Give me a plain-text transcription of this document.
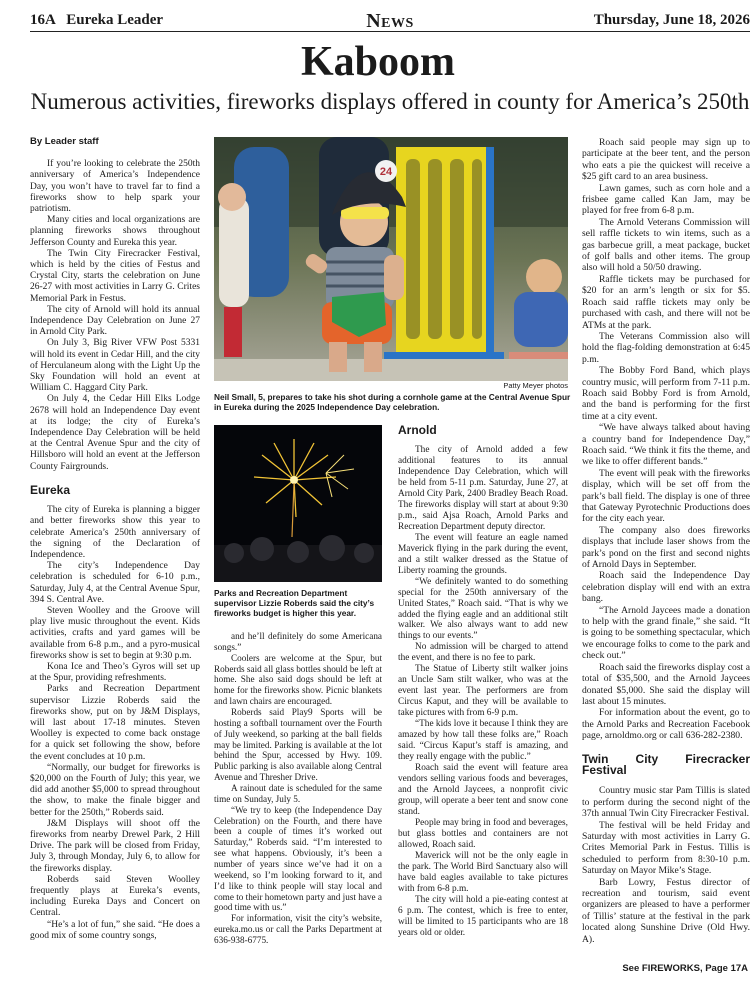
16A   Eureka Leader	News	Thursday, June 18, 2026
Kaboom
Numerous activities, fireworks displays offered in county for America’s 250th
By Leader staff

If you’re looking to celebrate the 250th anniversary of America’s Independence Day, you won’t have to travel far to find a fireworks show to help spark your patriotism.

Many cities and local organizations are planning fireworks shows throughout Jefferson County and Eureka this year.

The Twin City Firecracker Festival, which is held by the cities of Festus and Crystal City, starts the celebration on June 26-27 with most activities in Larry G. Crites Memorial Park in Festus.

The city of Arnold will hold its annual Independence Day Celebration on June 27 in Arnold City Park.

On July 3, Big River VFW Post 5331 will hold its event in Cedar Hill, and the city of Herculaneum along with the Light Up the Sky Foundation will hold an event at William C. Haggard City Park.

On July 4, the Cedar Hill Elks Lodge 2678 will hold an Independence Day event at its lodge; the city of Eureka’s Independence Day Celebration will be held at the Central Avenue Spur and the city of Hillsboro will hold an event at the Jefferson County Fairgrounds.

Eureka

The city of Eureka is planning a bigger and better fireworks show this year to celebrate America’s 250th anniversary of the signing of the Declaration of Independence.

The city’s Independence Day celebration is scheduled for 6-10 p.m., Saturday, July 4, at the Central Avenue Spur, 394 S. Central Ave.

Steven Woolley and the Groove will play live music throughout the event. Kids activities, crafts and yard games will be available from 6-8 p.m., and a pyro-musical fireworks show is set to begin at 9:30 p.m.

Kona Ice and Theo’s Gyros will set up at the Spur, providing refreshments.

Parks and Recreation Department supervisor Lizzie Roberds said the fireworks show, put on by J&M Displays, will last about 17-18 minutes. Steven Woolley is expected to come back onstage for a quick set following the show, before the event concludes at 10 p.m.

“Normally, our budget for fireworks is $20,000 on the Fourth of July; this year, we did add another $5,000 to spread throughout the show, to make the finale bigger and better for the 250th,” Roberds said.

J&M Displays will shoot off the fireworks from nearby Drewel Park, 2 Hill Drive. The park will be closed from Friday, July 3, through Monday, July 6, to allow for the fireworks display.

Roberds said Steven Woolley frequently plays at Eureka’s events, including Eureka Days and Concert on Central.

“He’s a lot of fun,” she said. “He does a good mix of some country songs,

24
Patty Meyer photos
Neil Small, 5, prepares to take his shot during a cornhole game at the Central Avenue Spur in Eureka during the 2025 Independence Day celebration.
Parks and Recreation Department supervisor Lizzie Roberds said the city’s fireworks budget is higher this year.

and he’ll definitely do some Americana songs.”

Coolers are welcome at the Spur, but Roberds said all glass bottles should be left at home. She also said dogs should be left at home for the fireworks show. Picnic blankets and lawn chairs are encouraged.

Roberds said Play9 Sports will be hosting a softball tournament over the Fourth of July weekend, so parking at the ball fields may be limited. Parking is available at the lot behind the Spur, accessed by Hwy. 109. Public parking is also available along Central Avenue and Thresher Drive.

A rainout date is scheduled for the same time on Sunday, July 5.

“We try to keep (the Independence Day Celebration) on the Fourth, and there have been a couple of times it’s worked out Saturday,” Roberds said. “I’m interested to see what happens. Obviously, it’s been a number of years since we’ve had it on a weekend, so I’m looking forward to it, and I’d like to think people will stay local and come to their hometown party and just have a good time with us.”

For information, visit the city’s website, eureka.mo.us or call the Parks Department at 636-938-6775.

Arnold

The city of Arnold added a few additional features to its annual Independence Day Celebration, which will be held from 5-11 p.m. Saturday, June 27, at Arnold City Park, 2400 Bradley Beach Road. The fireworks display will start at about 9:30 p.m., said Ajsa Roach, Arnold Parks and Recreation Department deputy director.

The event will feature an eagle named Maverick flying in the park during the event, and a stilt walker dressed as the Statue of Liberty roaming the grounds.

“We definitely wanted to do something special for the 250th anniversary of the United States,” Roach said. “That is why we added the flying eagle and an additional stilt walker. We also always want to add new things to our events.”

No admission will be charged to attend the event, and there is no fee to park.

The Statue of Liberty stilt walker joins an Uncle Sam stilt walker, who was at the event last year. The performers are from Circus Kaput, and they will be available to take pictures with from 6-9 p.m.

“The kids love it because I think they are amazed by how tall these folks are,” Roach said. “Circus Kaput’s staff is amazing, and they really engage with the public.”

Roach said the event will feature area vendors selling various foods and beverages, and the Arnold Jaycees, a nonprofit civic group, will operate a beer tent and snow cone stand.

People may bring in food and beverages, but glass bottles and containers are not allowed, Roach said.

Maverick will not be the only eagle in the park. The World Bird Sanctuary also will have bald eagles available to take pictures with from 6-8 p.m.

The city will hold a pie-eating contest at 6 p.m. The contest, which is free to enter, will be limited to 15 participants who are 18 years old or older.

Roach said people may sign up to participate at the beer tent, and the person who eats a pie the quickest will receive a $25 gift card to an area business.

Lawn games, such as corn hole and a frisbee game called Kan Jam, may be played for free from 6-8 p.m.

The Arnold Veterans Commission will sell raffle tickets to win items, such as a gas barbecue grill, a meat package, bucket of golf balls and other items. The group also will hold a 50/50 drawing.

Raffle tickets may be purchased for $20 for an arm’s length or six for $5. Roach said raffle tickets may only be purchased with cash, and there will not be ATMs at the park.

The Veterans Commission also will hold the flag-folding demonstration at 6:45 p.m.

The Bobby Ford Band, which plays country music, will perform from 7-11 p.m. Roach said Bobby Ford is from Arnold, and the band is performing for the first time at a city event.

“We have always talked about having a country band for Independence Day,” Roach said. “We think it fits the theme, and we like to offer different bands.”

The event will peak with the fireworks display, which will be set off from the park’s ball field. The display is one of three that Gateway Pyrotechnic Productions does for the city each year.

The company also does fireworks displays that include laser shows from the park’s pond on the first and second nights of Arnold Days in September.

Roach said the Independence Day celebration display will end with an extra bang.

“The Arnold Jaycees made a donation to help with the grand finale,” she said. “It is going to be something spectacular, which we encourage folks to come to the park and check out.”

Roach said the fireworks display cost a total of $35,500, and the Arnold Jaycees donated $5,000. She said the display will last about 15 minutes.

For information about the event, go to the Arnold Parks and Recreation Facebook page, arnoldmo.org or call 636-282-2380.

Twin City Firecracker Festival

Country music star Pam Tillis is slated to perform during the second night of the 37th annual Twin City Firecracker Festival.

The festival will be held Friday and Saturday with most activities in Larry G. Crites Memorial Park in Festus. Tillis is scheduled to perform from 8:30-10 p.m. Saturday on Mayor Mike’s Stage.

Barb Lowry, Festus director of recreation and tourism, said event organizers are pleased to have a performer of Tillis’ stature at the festival in the park located along Sunshine Drive (Old Hwy. A).

See FIREWORKS, Page 17A
